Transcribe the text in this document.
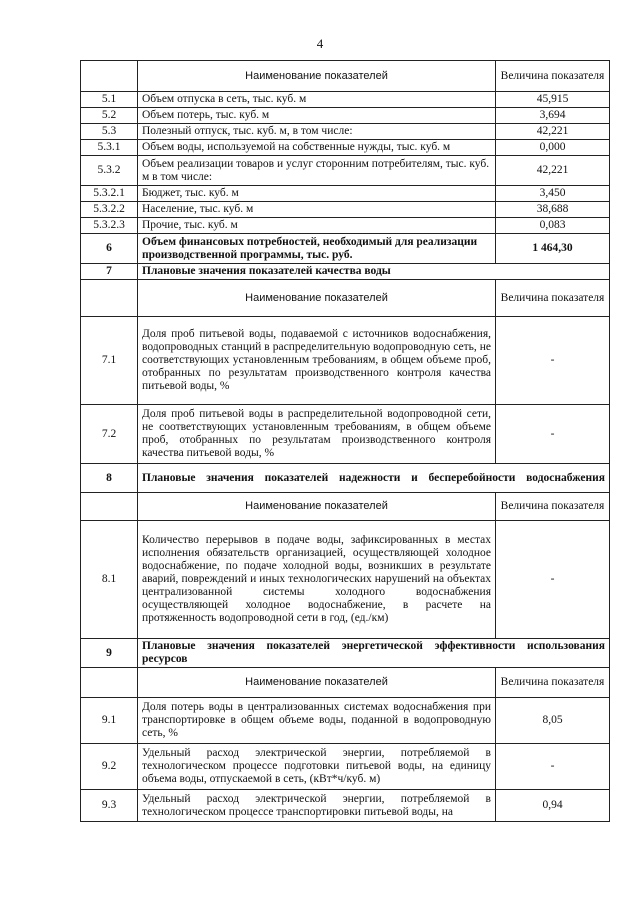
4
	Наименование показателей	Величина показателя
5.1	Объем отпуска в сеть, тыс. куб. м	45,915
5.2	Объем потерь, тыс. куб. м	3,694
5.3	Полезный отпуск, тыс. куб. м, в том числе:	42,221
5.3.1	Объем воды, используемой на собственные нужды, тыс. куб. м	0,000
5.3.2	Объем реализации товаров и услуг сторонним потребителям, тыс. куб. м в том числе:	42,221
5.3.2.1	Бюджет, тыс. куб. м	3,450
5.3.2.2	Население, тыс. куб. м	38,688
5.3.2.3	Прочие, тыс. куб. м	0,083
6	Объем финансовых потребностей, необходимый для реализации производственной программы, тыс. руб.	1 464,30
7	Плановые значения показателей качества воды	
	Наименование показателей	Величина показателя
7.1	Доля проб питьевой воды, подаваемой с источников водоснабжения, водопроводных станций в распределительную водопроводную сеть, не соответствующих установленным требованиям, в общем объеме проб, отобранных по результатам производственного контроля качества питьевой воды, %	-
7.2	Доля проб питьевой воды в распределительной водопроводной сети, не соответствующих установленным требованиям, в общем объеме проб, отобранных по результатам производственного контроля качества питьевой воды, %	-
8	Плановые значения показателей надежности и бесперебойности водоснабжения	
	Наименование показателей	Величина показателя
8.1	Количество перерывов в подаче воды, зафиксированных в местах исполнения обязательств организацией, осуществляющей холодное водоснабжение, по подаче холодной воды, возникших в результате аварий, повреждений и иных технологических нарушений на объектах централизованной системы холодного водоснабжения осуществляющей холодное водоснабжение, в расчете на протяженность водопроводной сети в год, (ед./км)	-
9	Плановые значения показателей энергетической эффективности использования ресурсов	
	Наименование показателей	Величина показателя
9.1	Доля потерь воды в централизованных системах водоснабжения при транспортировке в общем объеме воды, поданной в водопроводную сеть, %	8,05
9.2	Удельный расход электрической энергии, потребляемой в технологическом процессе подготовки питьевой воды, на единицу объема воды, отпускаемой в сеть, (кВт*ч/куб. м)	-
9.3	Удельный расход электрической энергии, потребляемой в технологическом процессе транспортировки питьевой воды, на	0,94
